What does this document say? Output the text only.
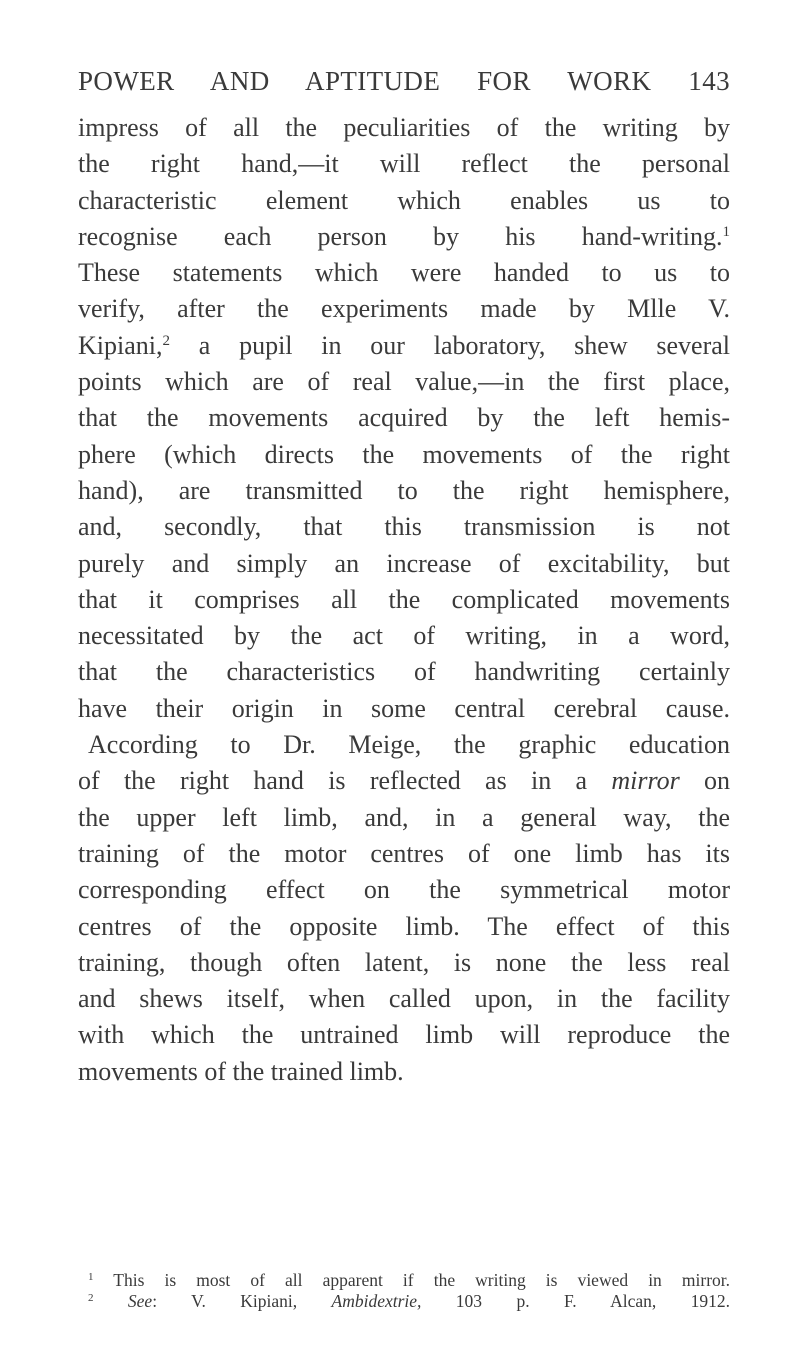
POWER AND APTITUDE FOR WORK 143
impress of all the peculiarities of the writing by
the right hand,—it will reflect the personal
characteristic element which enables us to
recognise each person by his hand-writing.$^1$
These statements which were handed to us to
verify, after the experiments made by Mlle V.
Kipiani,$^2$ a pupil in our laboratory, shew several
points which are of real value,—in the first place,
that the movements acquired by the left hemis-
phere (which directs the movements of the right
hand), are transmitted to the right hemisphere,
and, secondly, that this transmission is not
purely and simply an increase of excitability, but
that it comprises all the complicated movements
necessitated by the act of writing, in a word,
that the characteristics of handwriting certainly
have their origin in some central cerebral cause.
According to Dr. Meige, the graphic education
of the right hand is reflected as in a mirror on
the upper left limb, and, in a general way, the
training of the motor centres of one limb has its
corresponding effect on the symmetrical motor
centres of the opposite limb. The effect of this
training, though often latent, is none the less real
and shews itself, when called upon, in the facility
with which the untrained limb will reproduce the
movements of the trained limb.
$^1$ This is most of all apparent if the writing is viewed in mirror.
$^2$ See: V. Kipiani, Ambidextrie, 103 p. F. Alcan, 1912.
